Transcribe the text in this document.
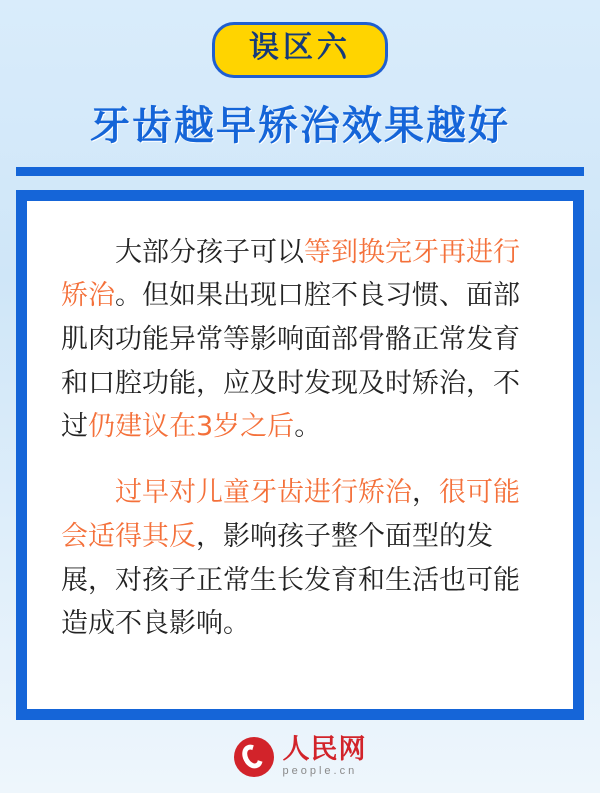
误区六
牙齿越早矫治效果越好

大部分孩子可以等到换完牙再进行矫治。但如果出现口腔不良习惯、面部肌肉功能异常等影响面部骨骼正常发育和口腔功能，应及时发现及时矫治，不过仍建议在3岁之后。

过早对儿童牙齿进行矫治，很可能会适得其反，影响孩子整个面型的发展，对孩子正常生长发育和生活也可能造成不良影响。

人民网
people.cn
